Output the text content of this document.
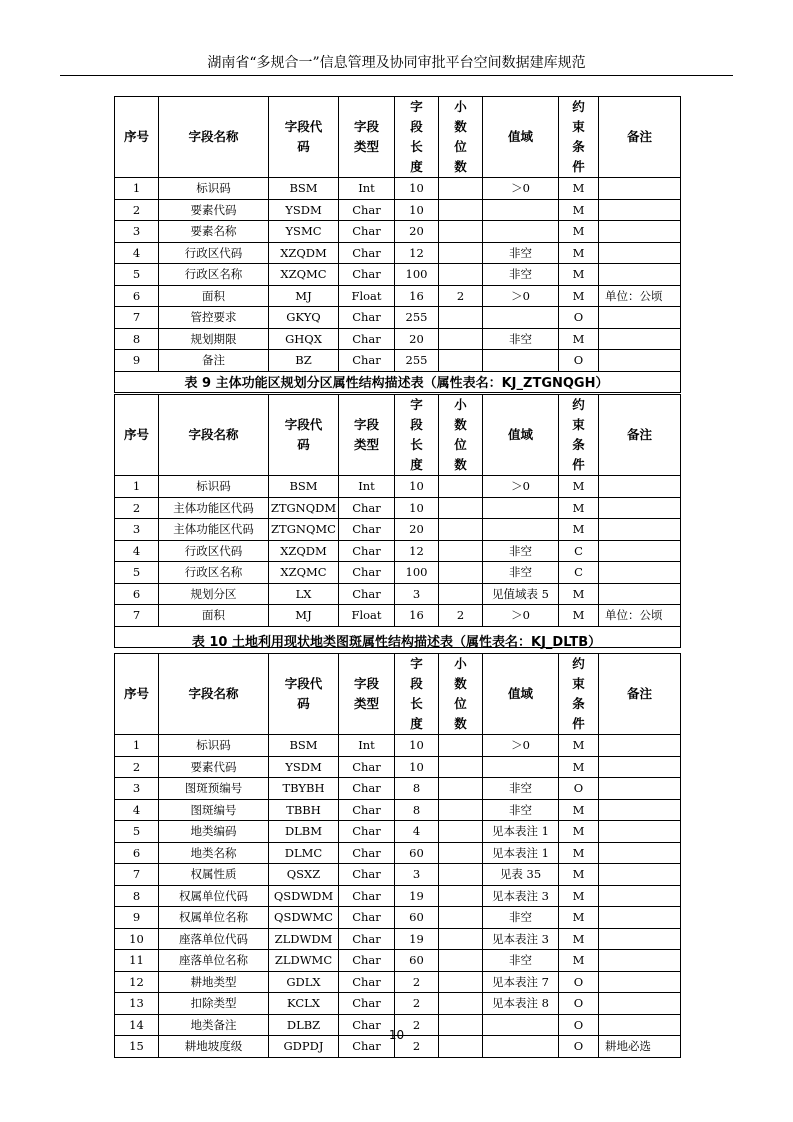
湖南省“多规合一”信息管理及协同审批平台空间数据建库规范
序号	字段名称	字段代码	字段类型	字段长度	小数位数	值域	约束条件	备注
1	标识码	BSM	Int	10		＞0	M	
2	要素代码	YSDM	Char	10			M	
3	要素名称	YSMC	Char	20			M	
4	行政区代码	XZQDM	Char	12		非空	M	
5	行政区名称	XZQMC	Char	100		非空	M	
6	面积	MJ	Float	16	2	＞0	M	单位：公顷
7	管控要求	GKYQ	Char	255			O	
8	规划期限	GHQX	Char	20		非空	M	
9	备注	BZ	Char	255			O	

表 9 主体功能区规划分区属性结构描述表（属性表名：KJ_ZTGNQGH）
序号	字段名称	字段代码	字段类型	字段长度	小数位数	值域	约束条件	备注
1	标识码	BSM	Int	10		＞0	M	
2	主体功能区代码	ZTGNQDM	Char	10			M	
3	主体功能区代码	ZTGNQMC	Char	20			M	
4	行政区代码	XZQDM	Char	12		非空	C	
5	行政区名称	XZQMC	Char	100		非空	C	
6	规划分区	LX	Char	3		见值域表 5	M	
7	面积	MJ	Float	16	2	＞0	M	单位：公顷

表 10 土地利用现状地类图斑属性结构描述表（属性表名：KJ_DLTB）
序号	字段名称	字段代码	字段类型	字段长度	小数位数	值域	约束条件	备注
1	标识码	BSM	Int	10		＞0	M	
2	要素代码	YSDM	Char	10			M	
3	图斑预编号	TBYBH	Char	8		非空	O	
4	图斑编号	TBBH	Char	8		非空	M	
5	地类编码	DLBM	Char	4		见本表注 1	M	
6	地类名称	DLMC	Char	60		见本表注 1	M	
7	权属性质	QSXZ	Char	3		见表 35	M	
8	权属单位代码	QSDWDM	Char	19		见本表注 3	M	
9	权属单位名称	QSDWMC	Char	60		非空	M	
10	座落单位代码	ZLDWDM	Char	19		见本表注 3	M	
11	座落单位名称	ZLDWMC	Char	60		非空	M	
12	耕地类型	GDLX	Char	2		见本表注 7	O	
13	扣除类型	KCLX	Char	2		见本表注 8	O	
14	地类备注	DLBZ	Char	2			O	
15	耕地坡度级	GDPDJ	Char	2			O	耕地必选
10
